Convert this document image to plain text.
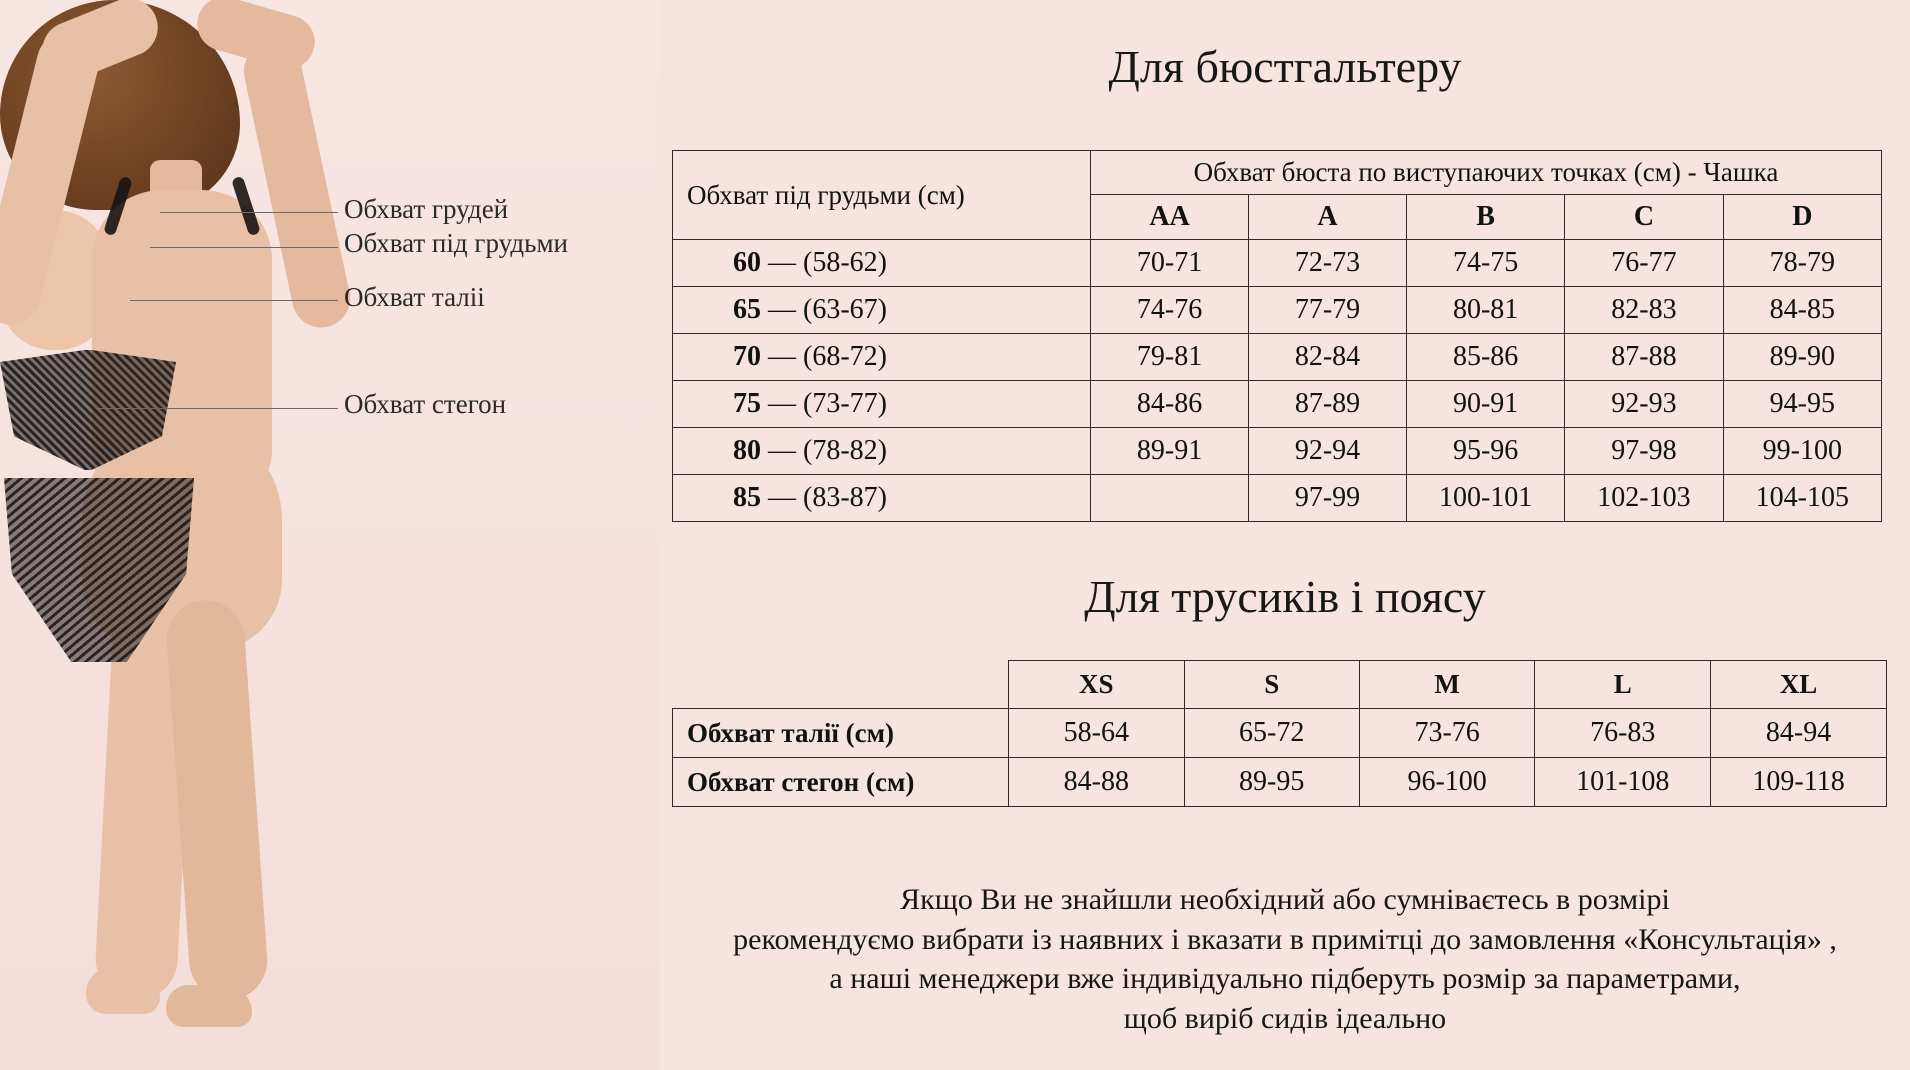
Обхват грудей
Обхват під грудьми
Обхват таліі
Обхват стегон
Для бюстгальтеру
Обхват під грудьми (см)	Обхват бюста по виступаючих точках (см) - Чашка				
	AA	A	B	C	D
60 — (58-62)	70-71	72-73	74-75	76-77	78-79
65 — (63-67)	74-76	77-79	80-81	82-83	84-85
70 — (68-72)	79-81	82-84	85-86	87-88	89-90
75 — (73-77)	84-86	87-89	90-91	92-93	94-95
80 — (78-82)	89-91	92-94	95-96	97-98	99-100
85 — (83-87)		97-99	100-101	102-103	104-105
Для трусиків і поясу
	XS	S	M	L	XL
Обхват талії (см)	58-64	65-72	73-76	76-83	84-94
Обхват стегон (см)	84-88	89-95	96-100	101-108	109-118
Якщо Ви не знайшли необхідний або сумніваєтесь в розмірі
рекомендуємо вибрати із наявних і вказати в примітці до замовлення «Консультація» ,
а наші менеджери вже індивідуально підберуть розмір за параметрами,
щоб виріб сидів ідеально
